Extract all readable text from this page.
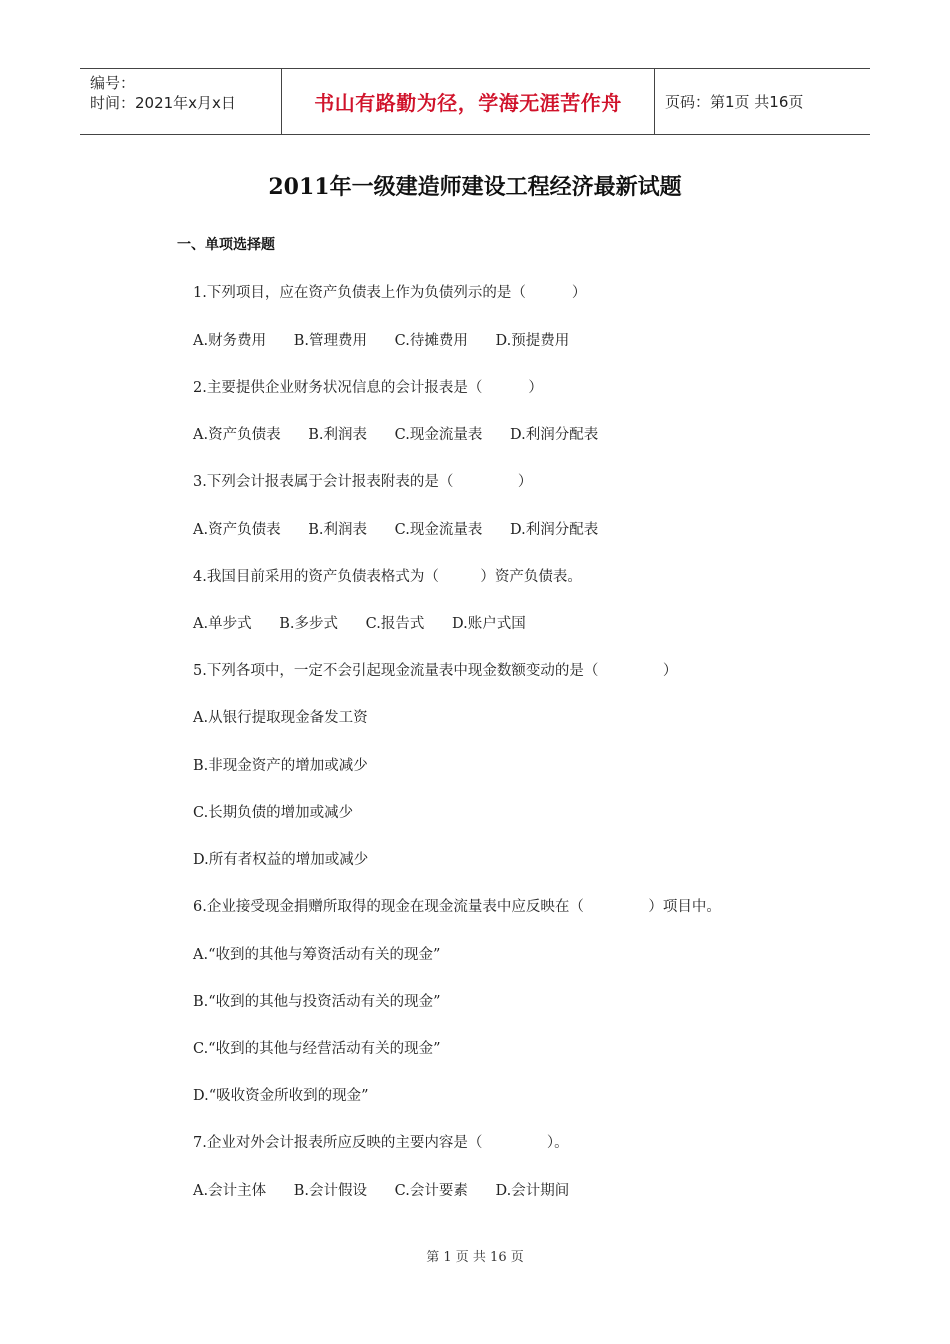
编号：
时间：2021年x月x日	书山有路勤为径，学海无涯苦作舟	页码：第1页 共16页
2011年一级建造师建设工程经济最新试题
一、单项选择题
1.下列项目，应在资产负债表上作为负债列示的是（          ）
A.财务费用      B.管理费用      C.待摊费用      D.预提费用
2.主要提供企业财务状况信息的会计报表是（          ）
A.资产负债表      B.利润表      C.现金流量表      D.利润分配表
3.下列会计报表属于会计报表附表的是（              ）
A.资产负债表      B.利润表      C.现金流量表      D.利润分配表
4.我国目前采用的资产负债表格式为（         ）资产负债表。
A.单步式      B.多步式      C.报告式      D.账户式国
5.下列各项中，一定不会引起现金流量表中现金数额变动的是（              ）
A.从银行提取现金备发工资
B.非现金资产的增加或减少
C.长期负债的增加或减少
D.所有者权益的增加或减少
6.企业接受现金捐赠所取得的现金在现金流量表中应反映在（              ）项目中。
A.“收到的其他与筹资活动有关的现金”
B.“收到的其他与投资活动有关的现金”
C.“收到的其他与经营活动有关的现金”
D.“吸收资金所收到的现金”
7.企业对外会计报表所应反映的主要内容是（              ）。
A.会计主体      B.会计假设      C.会计要素      D.会计期间
第 1 页 共 16 页
